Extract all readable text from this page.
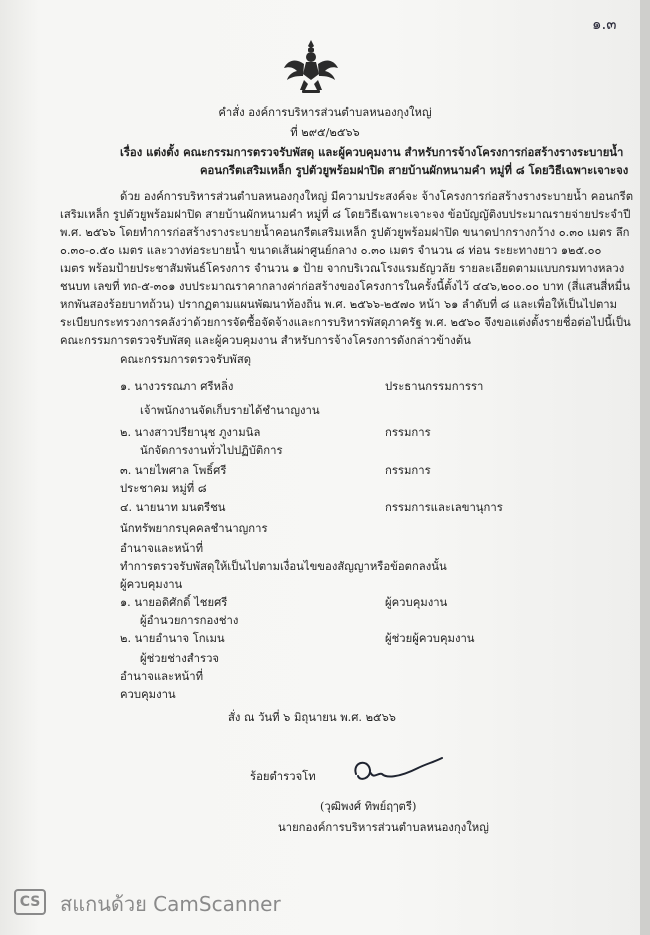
๑.๓
คำสั่ง องค์การบริหารส่วนตำบลหนองกุงใหญ่
ที่ ๒๙๕/๒๕๖๖
เรื่อง แต่งตั้ง คณะกรรมการตรวจรับพัสดุ และผู้ควบคุมงาน สำหรับการจ้างโครงการก่อสร้างรางระบายน้ำ
คอนกรีตเสริมเหล็ก รูปตัวยูพร้อมฝาปิด สายบ้านผักหนามคำ หมู่ที่ ๘ โดยวิธีเฉพาะเจาะจง
ด้วย องค์การบริหารส่วนตำบลหนองกุงใหญ่ มีความประสงค์จะ จ้างโครงการก่อสร้างรางระบายน้ำ คอนกรีต
เสริมเหล็ก รูปตัวยูพร้อมฝาปิด สายบ้านผักหนามคำ หมู่ที่ ๘ โดยวิธีเฉพาะเจาะจง ข้อบัญญัติงบประมาณรายจ่ายประจำปี
พ.ศ. ๒๕๖๖ โดยทำการก่อสร้างรางระบายน้ำคอนกรีตเสริมเหล็ก รูปตัวยูพร้อมฝาปิด ขนาดปากรางกว้าง ๐.๓๐ เมตร ลึก
๐.๓๐-๐.๕๐ เมตร และวางท่อระบายน้ำ ขนาดเส้นผ่าศูนย์กลาง ๐.๓๐ เมตร จำนวน ๘ ท่อน ระยะทางยาว ๑๒๕.๐๐
เมตร พร้อมป้ายประชาสัมพันธ์โครงการ จำนวน ๑ ป้าย จากบริเวณโรงแรมธัญวลัย รายละเอียดตามแบบกรมทางหลวง
ชนบท เลขที่ ทถ-๕-๓๐๑ งบประมาณราคากลางค่าก่อสร้างของโครงการในครั้งนี้ตั้งไว้ ๔๔๖,๒๐๐.๐๐ บาท (สี่แสนสี่หมื่น
หกพันสองร้อยบาทถ้วน) ปรากฏตามแผนพัฒนาท้องถิ่น พ.ศ. ๒๕๖๖-๒๕๗๐ หน้า ๖๑ ลำดับที่ ๘ และเพื่อให้เป็นไปตาม
ระเบียบกระทรวงการคลังว่าด้วยการจัดซื้อจัดจ้างและการบริหารพัสดุภาครัฐ พ.ศ. ๒๕๖๐ จึงขอแต่งตั้งรายชื่อต่อไปนี้เป็น
คณะกรรมการตรวจรับพัสดุ และผู้ควบคุมงาน สำหรับการจ้างโครงการดังกล่าวข้างต้น
คณะกรรมการตรวจรับพัสดุ
๑. นางวรรณภา ศรีหลิ่ง	ประธานกรรมการรา
เจ้าพนักงานจัดเก็บรายได้ชำนาญงาน
๒. นางสาวปรียานุช ภูงามนิล	กรรมการ
นักจัดการงานทั่วไปปฏิบัติการ
๓. นายไพศาล โพธิ์ศรี	กรรมการ
ประชาคม หมู่ที่ ๘
๔. นายนาท มนตรีชน	กรรมการและเลขานุการ
นักทรัพยากรบุคคลชำนาญการ
อำนาจและหน้าที่
ทำการตรวจรับพัสดุให้เป็นไปตามเงื่อนไขของสัญญาหรือข้อตกลงนั้น
ผู้ควบคุมงาน
๑. นายอดิศักดิ์ ไชยศรี	ผู้ควบคุมงาน
ผู้อำนวยการกองช่าง
๒. นายอำนาจ โกเมน	ผู้ช่วยผู้ควบคุมงาน
ผู้ช่วยช่างสำรวจ
อำนาจและหน้าที่
ควบคุมงาน
สั่ง ณ วันที่ ๖ มิถุนายน พ.ศ. ๒๕๖๖
ร้อยตำรวจโท
(วุฒิพงศ์ ทิพย์ฤๅตรี)
นายกองค์การบริหารส่วนตำบลหนองกุงใหญ่
CS สแกนด้วย CamScanner
